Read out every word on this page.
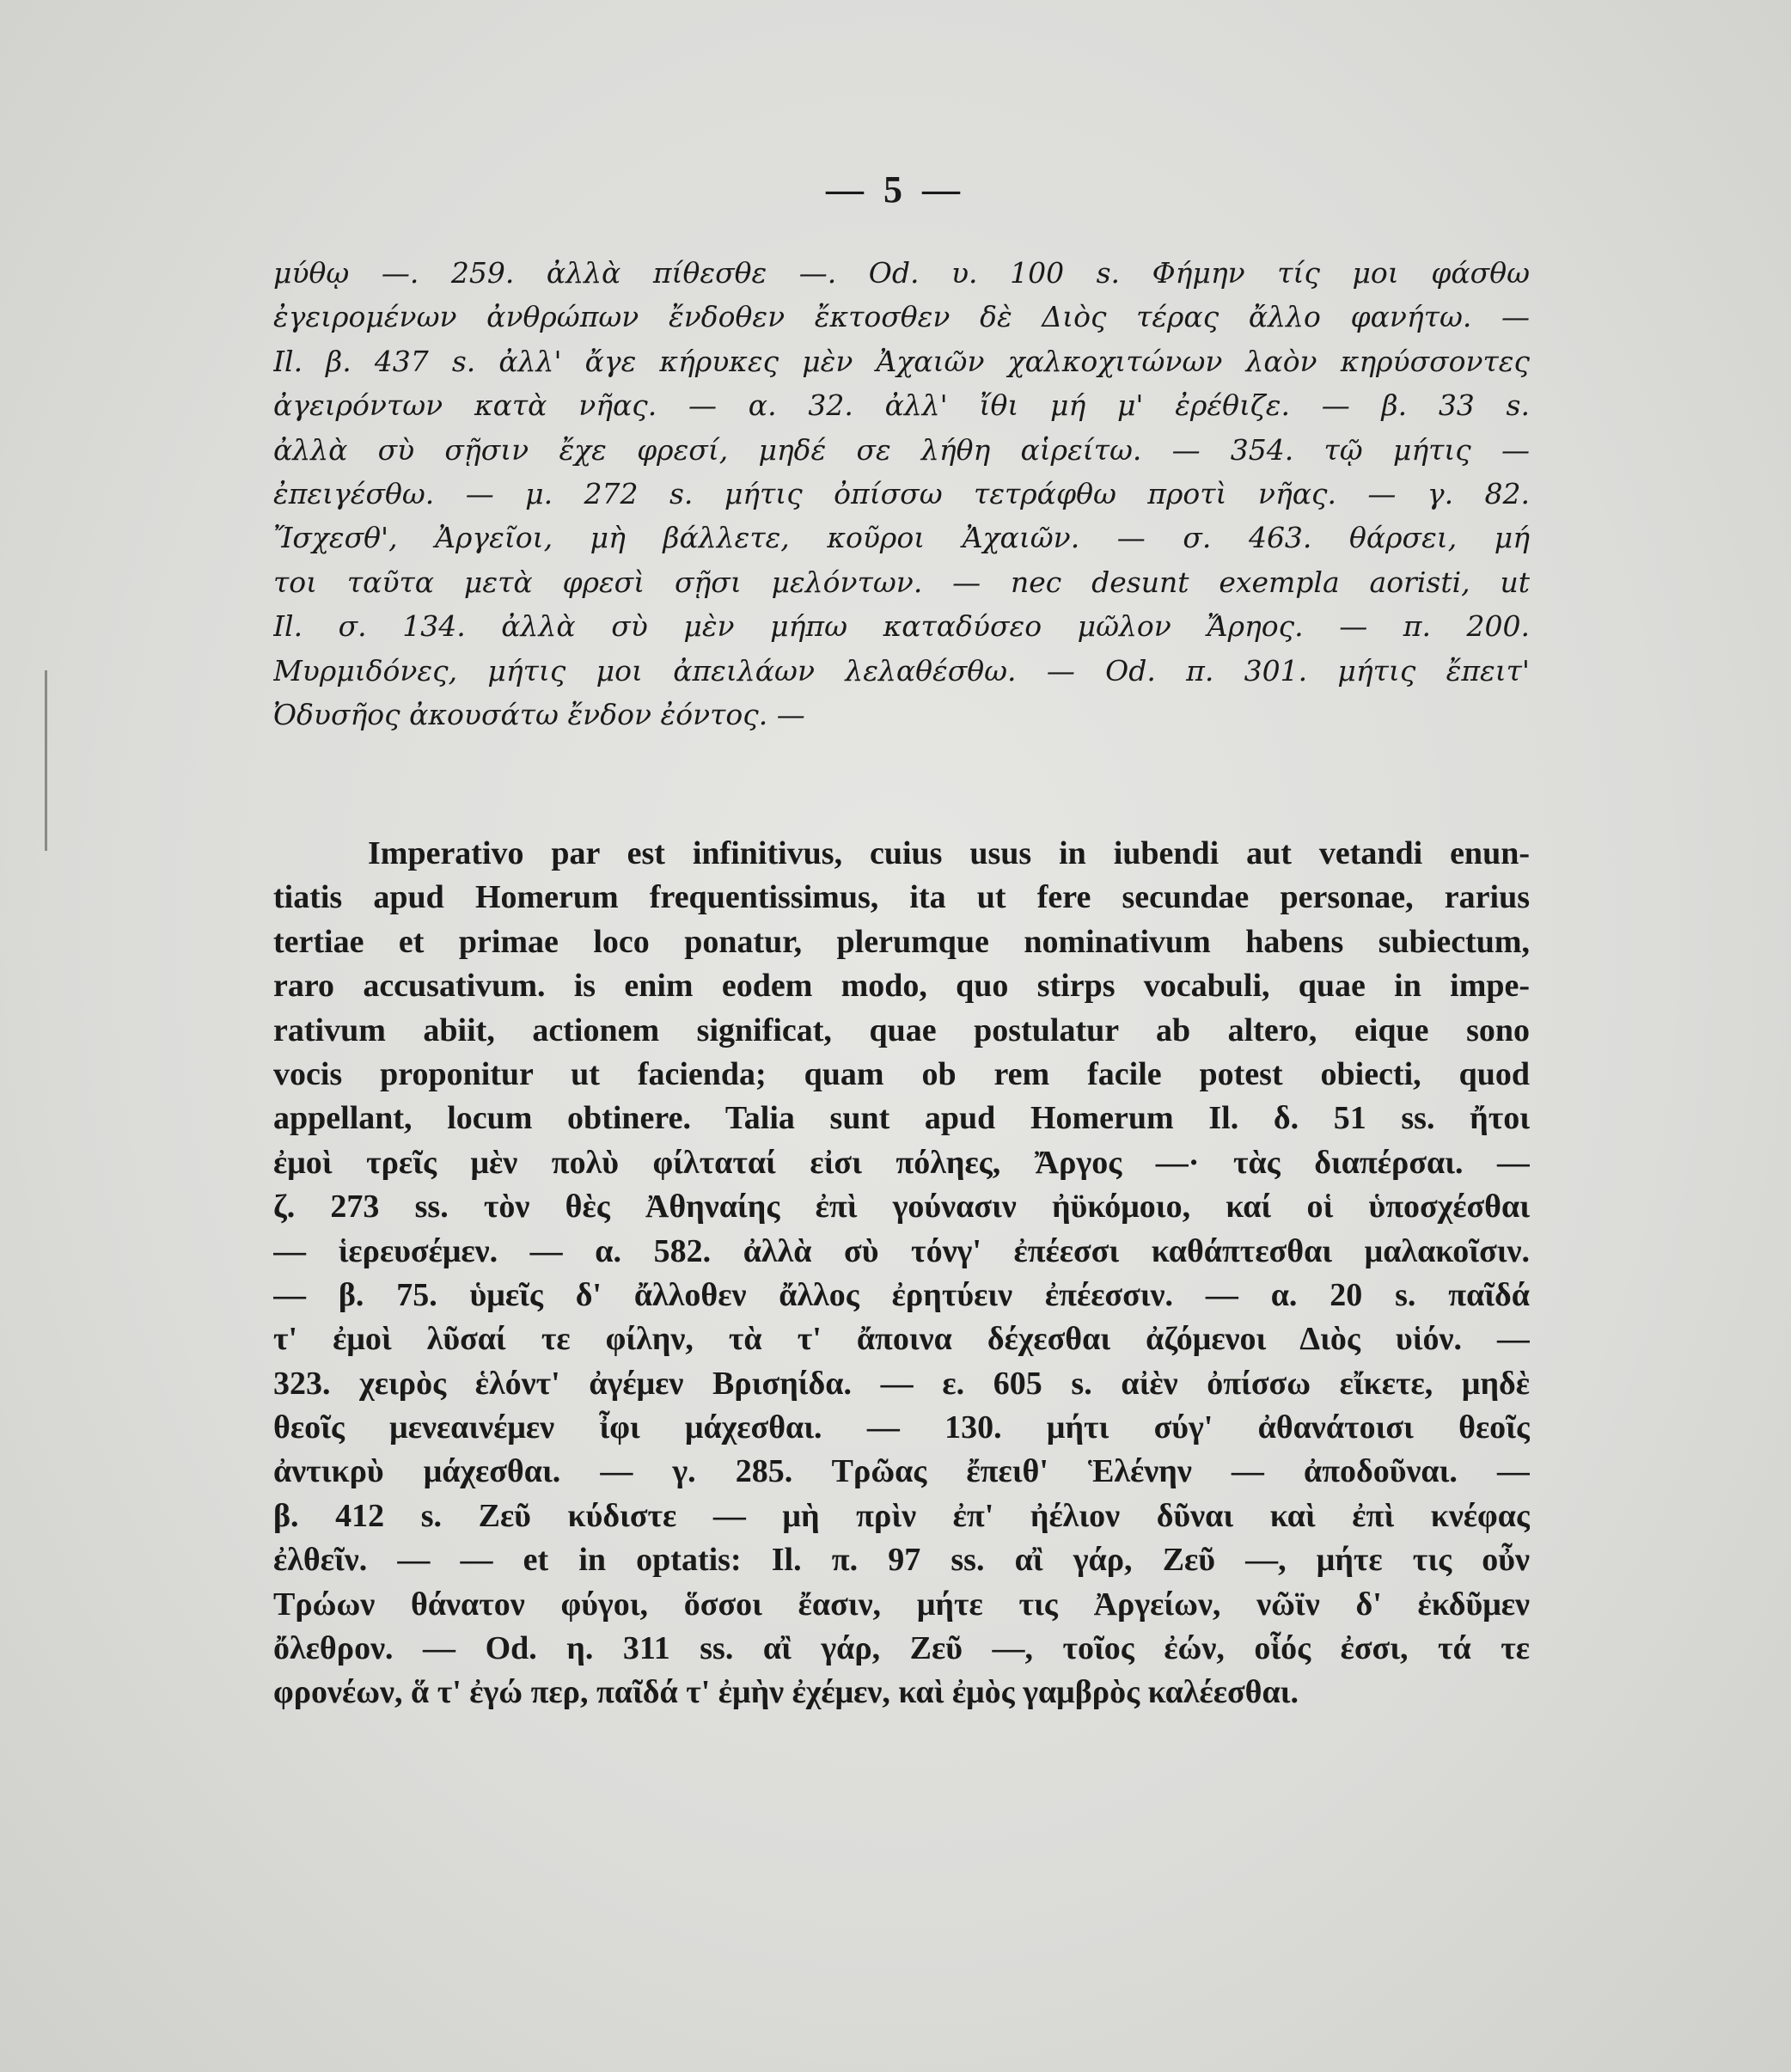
— 5 —
μύθῳ —. 259. ἀλλὰ πίθεσθε —. Od. υ. 100 s. Φήμην τίς μοι φάσθω
ἐγειρομένων ἀνθρώπων ἔνδοθεν ἔκτοσθεν δὲ Διὸς τέρας ἄλλο φανήτω. —
Il. β. 437 s. ἀλλ' ἄγε κήρυκες μὲν Ἀχαιῶν χαλκοχιτώνων λαὸν κηρύσσοντες
ἀγειρόντων κατὰ νῆας. — α. 32. ἀλλ' ἴθι μή μ' ἐρέθιζε. — β. 33 s.
ἀλλὰ σὺ σῇσιν ἔχε φρεσί, μηδέ σε λήθη αἱρείτω. — 354. τῷ μήτις —
ἐπειγέσθω. — μ. 272 s. μήτις ὀπίσσω τετράφθω προτὶ νῆας. — γ. 82.
Ἴσχεσθ', Ἀργεῖοι, μὴ βάλλετε, κοῦροι Ἀχαιῶν. — σ. 463. θάρσει, μή
τοι ταῦτα μετὰ φρεσὶ σῇσι μελόντων. — nec desunt exempla aoristi, ut
Il. σ. 134. ἀλλὰ σὺ μὲν μήπω καταδύσεο μῶλον Ἄρηος. — π. 200.
Μυρμιδόνες, μήτις μοι ἀπειλάων λελαθέσθω. — Od. π. 301. μήτις ἔπειτ'
Ὀδυσῆος ἀκουσάτω ἔνδον ἐόντος. —
Imperativo par est infinitivus, cuius usus in iubendi aut vetandi enun-
tiatis apud Homerum frequentissimus, ita ut fere secundae personae, rarius
tertiae et primae loco ponatur, plerumque nominativum habens subiectum,
raro accusativum. is enim eodem modo, quo stirps vocabuli, quae in impe-
rativum abiit, actionem significat, quae postulatur ab altero, eique sono
vocis proponitur ut facienda; quam ob rem facile potest obiecti, quod
appellant, locum obtinere. Talia sunt apud Homerum Il. δ. 51 ss. ἤτοι
ἐμοὶ τρεῖς μὲν πολὺ φίλταταί εἰσι πόληες, Ἄργος —· τὰς διαπέρσαι. —
ζ. 273 ss. τὸν θὲς Ἀθηναίης ἐπὶ γούνασιν ἠϋκόμοιο, καί οἱ ὑποσχέσθαι
— ἱερευσέμεν. — α. 582. ἀλλὰ σὺ τόνγ' ἐπέεσσι καθάπτεσθαι μαλακοῖσιν.
— β. 75. ὑμεῖς δ' ἄλλοθεν ἄλλος ἐρητύειν ἐπέεσσιν. — α. 20 s. παῖδά
τ' ἐμοὶ λῦσαί τε φίλην, τὰ τ' ἄποινα δέχεσθαι ἀζόμενοι Διὸς υἱόν. —
323. χειρὸς ἑλόντ' ἀγέμεν Βρισηίδα. — ε. 605 s. αἰὲν ὀπίσσω εἴκετε, μηδὲ
θεοῖς μενεαινέμεν ἶφι μάχεσθαι. — 130. μήτι σύγ' ἀθανάτοισι θεοῖς
ἀντικρὺ μάχεσθαι. — γ. 285. Τρῶας ἔπειθ' Ἑλένην — ἀποδοῦναι. —
β. 412 s. Ζεῦ κύδιστε — μὴ πρὶν ἐπ' ἠέλιον δῦναι καὶ ἐπὶ κνέφας
ἐλθεῖν. — — et in optatis: Il. π. 97 ss. αἲ γάρ, Ζεῦ —, μήτε τις οὖν
Τρώων θάνατον φύγοι, ὅσσοι ἔασιν, μήτε τις Ἀργείων, νῶϊν δ' ἐκδῦμεν
ὄλεθρον. — Od. η. 311 ss. αἲ γάρ, Ζεῦ —, τοῖος ἐών, οἷός ἐσσι, τά τε
φρονέων, ἅ τ' ἐγώ περ, παῖδά τ' ἐμὴν ἐχέμεν, καὶ ἐμὸς γαμβρὸς καλέεσθαι.
